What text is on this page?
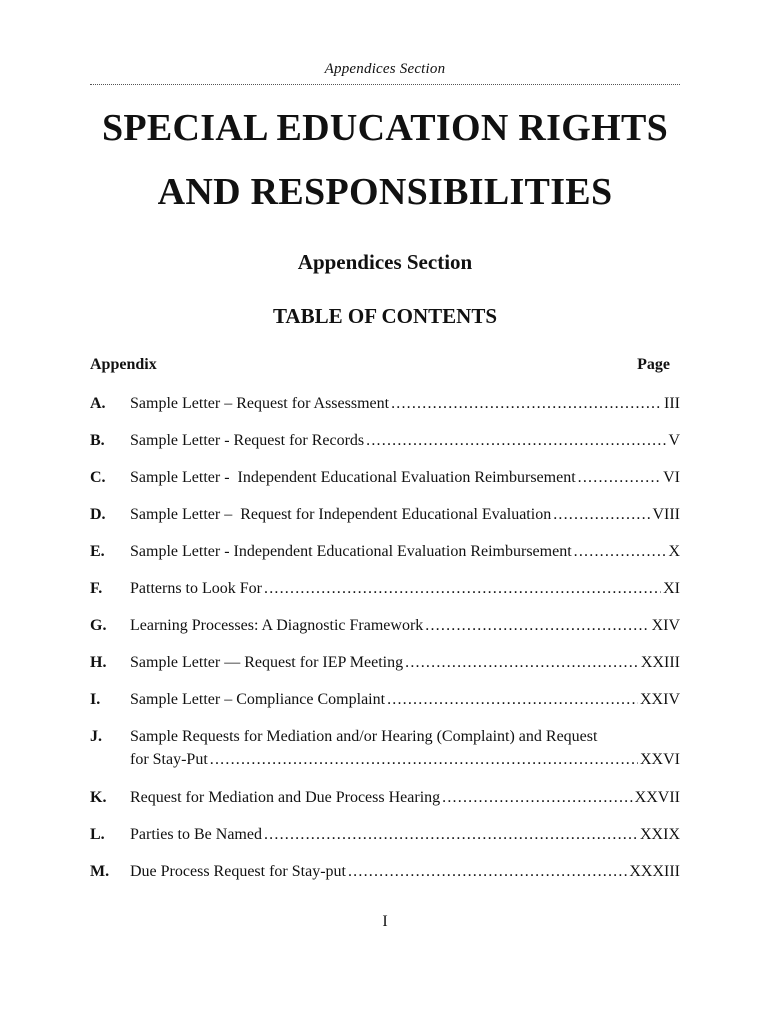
Appendices Section
SPECIAL EDUCATION RIGHTS
AND RESPONSIBILITIES
Appendices Section
TABLE OF CONTENTS
Appendix	Page
A.	Sample Letter – Request for Assessment .....	III
B.	Sample Letter - Request for Records .....	V
C.	Sample Letter -  Independent Educational Evaluation Reimbursement .....	VI
D.	Sample Letter –  Request for Independent Educational Evaluation .....	VIII
E.	Sample Letter - Independent Educational Evaluation Reimbursement .....	X
F.	Patterns to Look For .....	XI
G.	Learning Processes: A Diagnostic Framework .....	XIV
H.	Sample Letter — Request for IEP Meeting .....	XXIII
I.	Sample Letter – Compliance Complaint .....	XXIV
J.	Sample Requests for Mediation and/or Hearing (Complaint) and Request
for Stay-Put .....	XXVI
K.	Request for Mediation and Due Process Hearing .....	XXVII
L.	Parties to Be Named .....	XXIX
M.	Due Process Request for Stay-put .....	XXXIII
I
